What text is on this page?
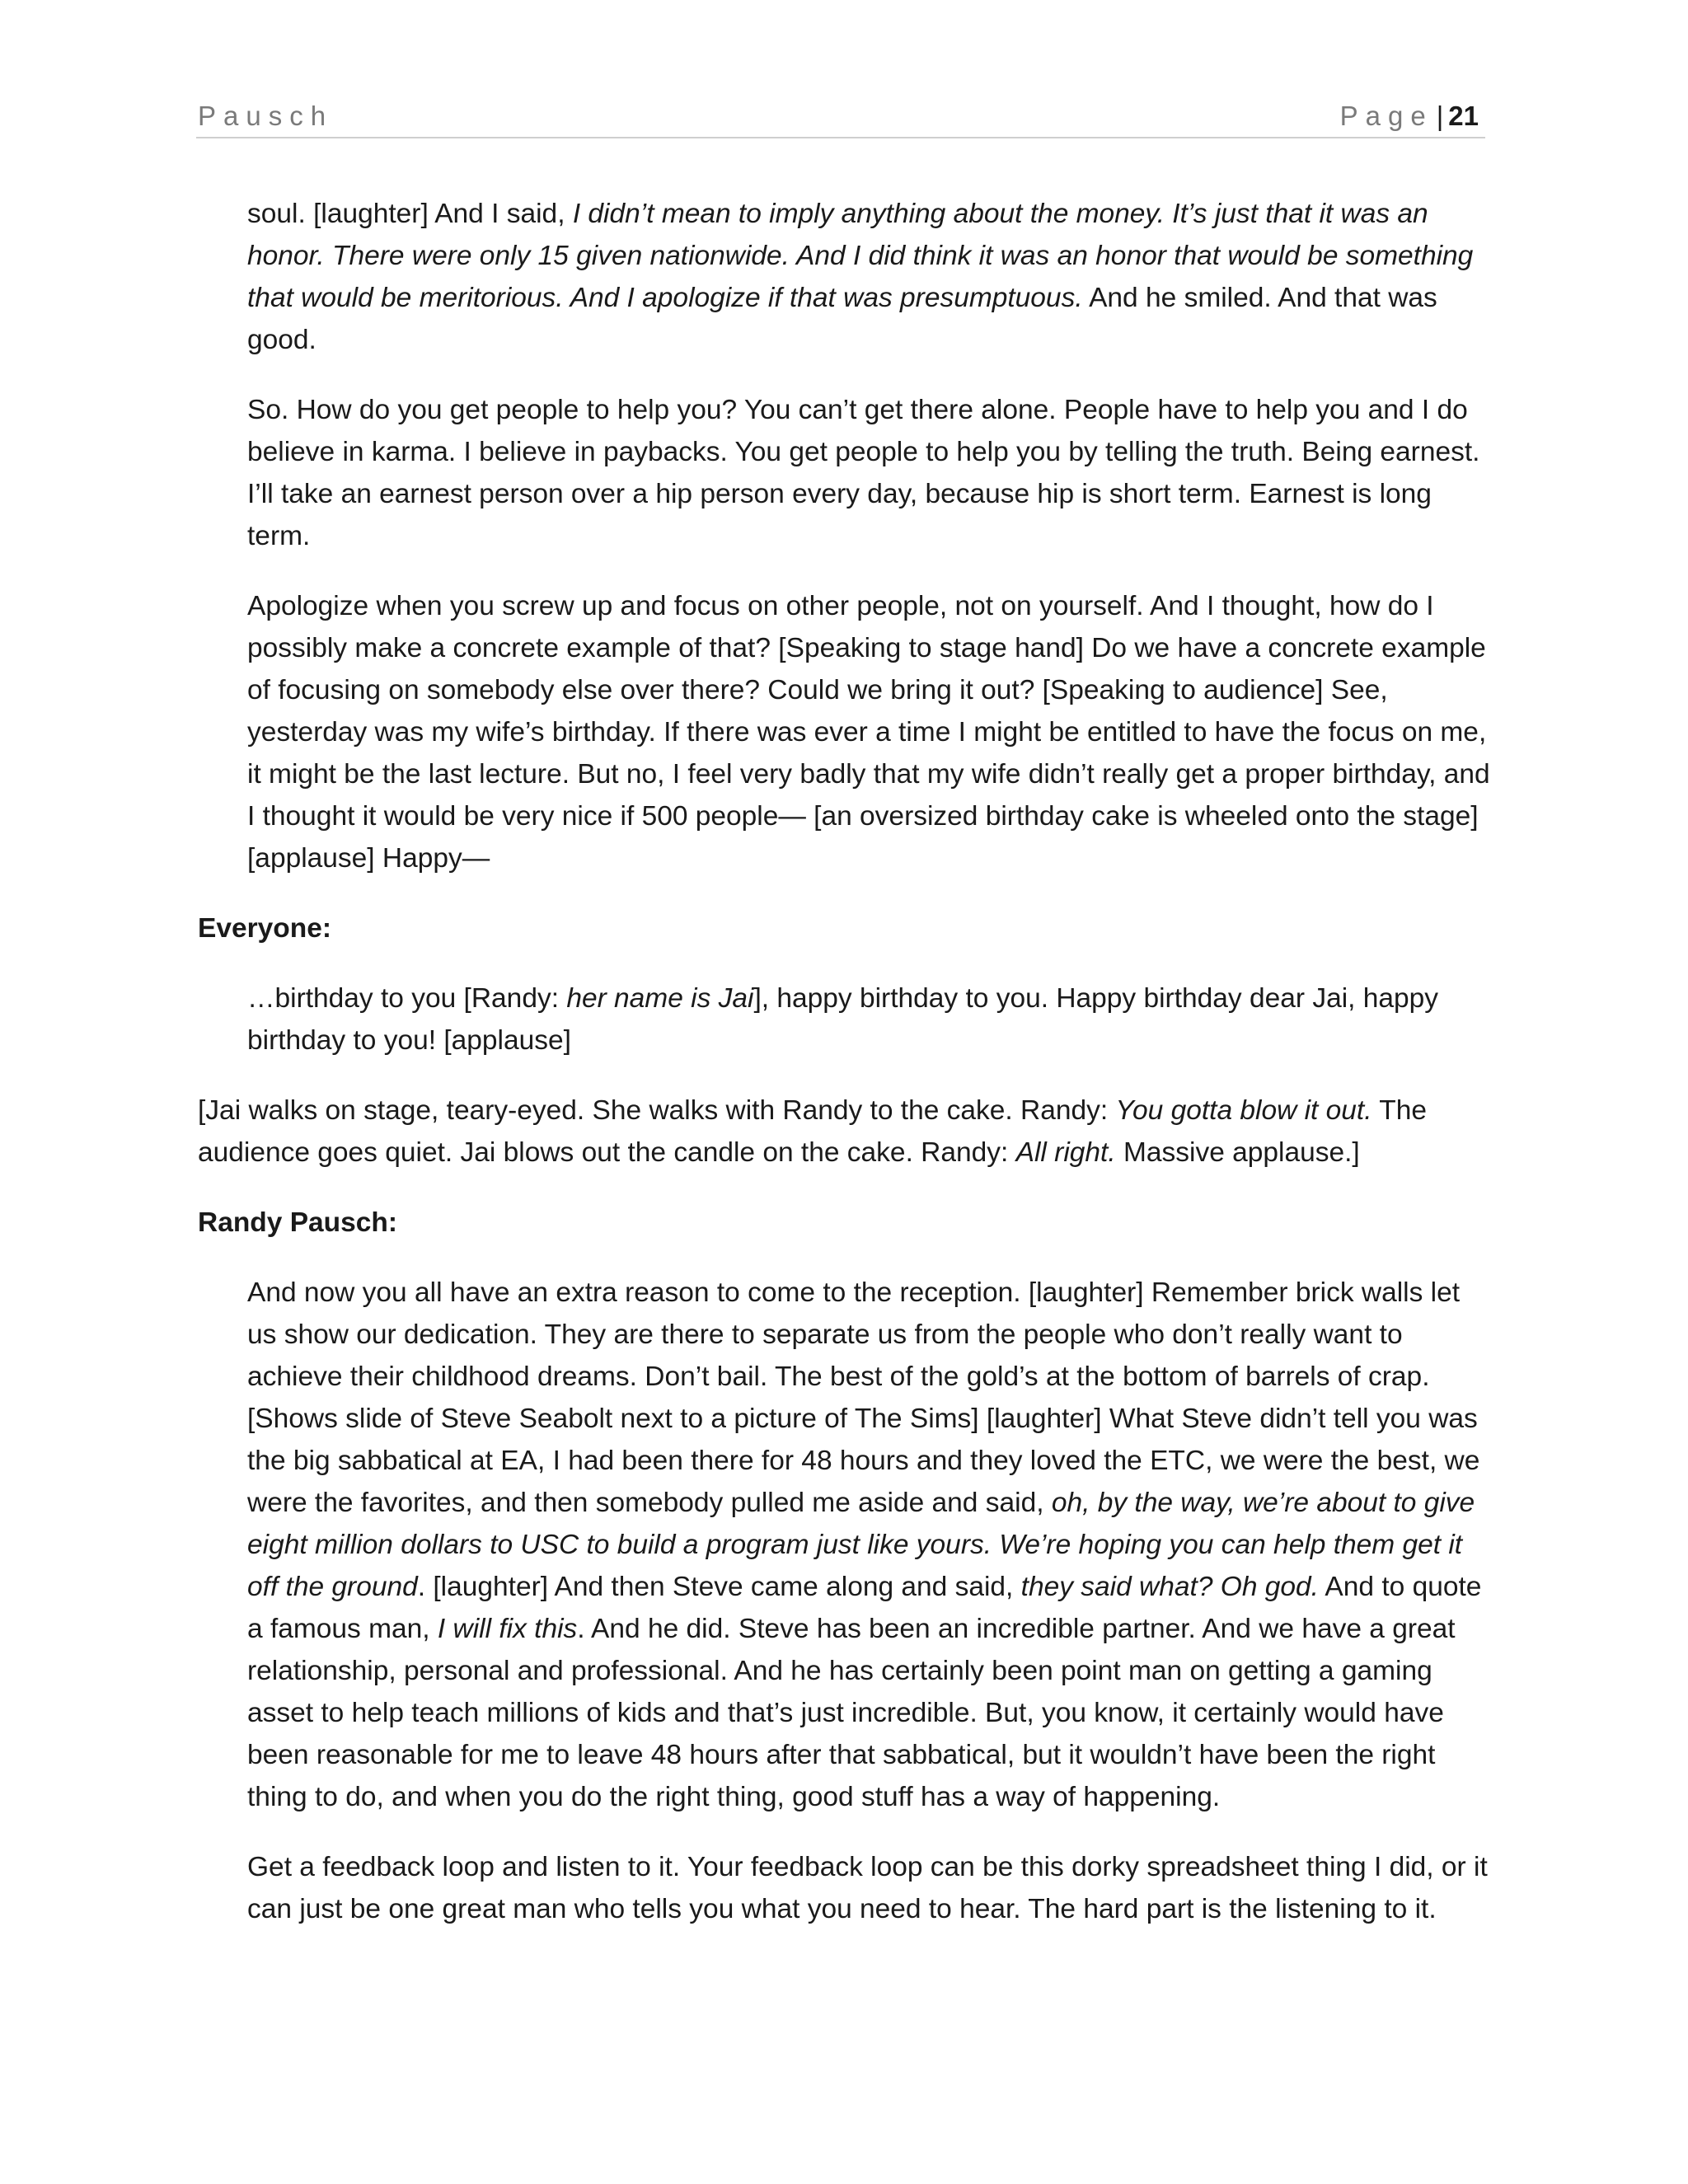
Pausch	Page | 21

soul. [laughter] And I said, I didn’t mean to imply anything about the money. It’s just that it was an honor. There were only 15 given nationwide. And I did think it was an honor that would be something that would be meritorious. And I apologize if that was presumptuous. And he smiled. And that was good.

So. How do you get people to help you? You can’t get there alone. People have to help you and I do believe in karma. I believe in paybacks. You get people to help you by telling the truth. Being earnest. I’ll take an earnest person over a hip person every day, because hip is short term. Earnest is long term.

Apologize when you screw up and focus on other people, not on yourself. And I thought, how do I possibly make a concrete example of that? [Speaking to stage hand] Do we have a concrete example of focusing on somebody else over there? Could we bring it out? [Speaking to audience] See, yesterday was my wife’s birthday. If there was ever a time I might be entitled to have the focus on me, it might be the last lecture. But no, I feel very badly that my wife didn’t really get a proper birthday, and I thought it would be very nice if 500 people— [an oversized birthday cake is wheeled onto the stage] [applause] Happy—

Everyone:

…birthday to you [Randy: her name is Jai], happy birthday to you. Happy birthday dear Jai, happy birthday to you! [applause]

[Jai walks on stage, teary-eyed. She walks with Randy to the cake. Randy: You gotta blow it out. The audience goes quiet. Jai blows out the candle on the cake. Randy: All right. Massive applause.]

Randy Pausch:

And now you all have an extra reason to come to the reception. [laughter] Remember brick walls let us show our dedication. They are there to separate us from the people who don’t really want to achieve their childhood dreams. Don’t bail. The best of the gold’s at the bottom of barrels of crap. [Shows slide of Steve Seabolt next to a picture of The Sims] [laughter] What Steve didn’t tell you was the big sabbatical at EA, I had been there for 48 hours and they loved the ETC, we were the best, we were the favorites, and then somebody pulled me aside and said, oh, by the way, we’re about to give eight million dollars to USC to build a program just like yours. We’re hoping you can help them get it off the ground. [laughter] And then Steve came along and said, they said what? Oh god. And to quote a famous man, I will fix this. And he did. Steve has been an incredible partner. And we have a great relationship, personal and professional. And he has certainly been point man on getting a gaming asset to help teach millions of kids and that’s just incredible. But, you know, it certainly would have been reasonable for me to leave 48 hours after that sabbatical, but it wouldn’t have been the right thing to do, and when you do the right thing, good stuff has a way of happening.

Get a feedback loop and listen to it. Your feedback loop can be this dorky spreadsheet thing I did, or it can just be one great man who tells you what you need to hear. The hard part is the listening to it.
